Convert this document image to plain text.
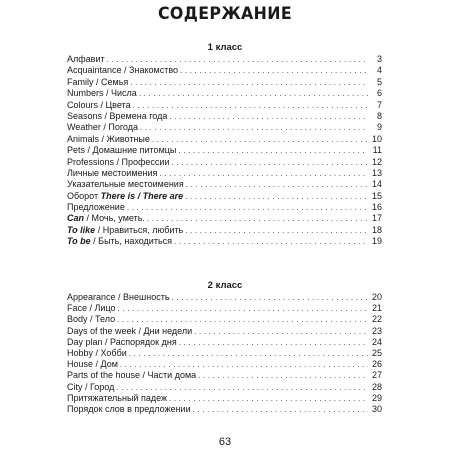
СОДЕРЖАНИЕ
1 класс
Алфавит . . .	3
Acquaintance / Знакомство . . .	4
Family / Семья . . .	5
Numbers / Числа . . .	6
Colours / Цвета . . .	7
Seasons / Времена года . . .	8
Weather / Погода . . .	9
Animals / Животные . . .	10
Pets / Домашние питомцы . . .	11
Professions / Профессии . . .	12
Личные местоимения . . .	13
Указательные местоимения . . .	14
Оборот There is / There are . . .	15
Предложение . . .	16
Can / Мочь, уметь. . . .	17
To like / Нравиться, любить . . .	18
To be / Быть, находиться . . .	19
2 класс
Appearance / Внешность . . .	20
Face / Лицо . . .	21
Body / Тело . . .	22
Days of the week / Дни недели . . .	23
Day plan / Распорядок дня . . .	24
Hobby / Хобби . . .	25
House / Дом . . .	26
Parts of the house / Части дома . . .	27
City / Город . . .	28
Притяжательный падеж . . .	29
Порядок слов в предложении . . .	30
63
